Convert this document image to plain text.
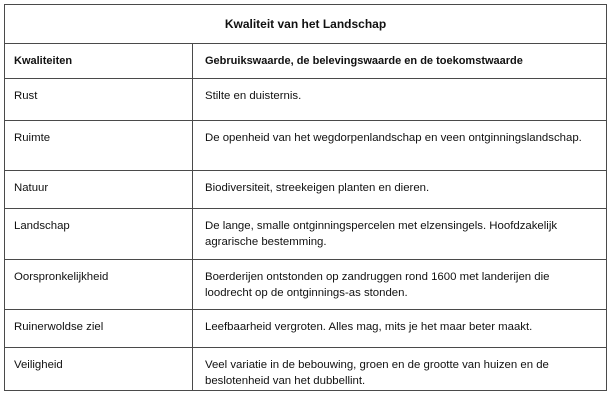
Kwaliteit van het Landschap	
Kwaliteiten	Gebruikswaarde, de belevingswaarde en de toekomstwaarde
Rust	Stilte en duisternis.
Ruimte	De openheid van het wegdorpenlandschap en veen ontginningslandschap.
Natuur	Biodiversiteit, streekeigen planten en dieren.
Landschap	De lange, smalle ontginningspercelen met elzensingels. Hoofdzakelijk agrarische bestemming.
Oorspronkelijkheid	Boerderijen ontstonden op zandruggen rond 1600 met landerijen die loodrecht op de ontginnings-as stonden.
Ruinerwoldse ziel	Leefbaarheid vergroten. Alles mag, mits je het maar beter maakt.
Veiligheid	Veel variatie in de bebouwing, groen en de grootte van huizen en de beslotenheid van het dubbellint.
